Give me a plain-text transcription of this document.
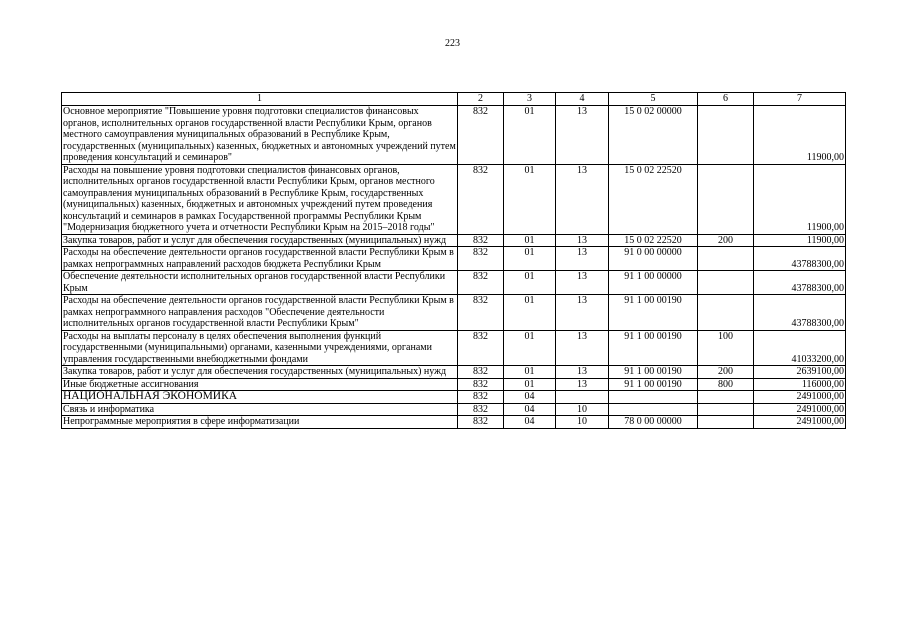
223
1	2	3	4	5	6	7
Основное мероприятие "Повышение уровня подготовки специалистов финансовых органов, исполнительных органов государственной власти Республики Крым, органов местного самоуправления муниципальных образований в Республике Крым, государственных (муниципальных) казенных, бюджетных и автономных учреждений путем проведения консультаций и семинаров"	832	01	13	15 0 02 00000		11900,00
Расходы на повышение уровня подготовки специалистов финансовых органов, исполнительных органов государственной власти Республики Крым, органов местного самоуправления муниципальных образований в Республике Крым, государственных (муниципальных) казенных, бюджетных и автономных учреждений путем проведения консультаций и семинаров в рамках Государственной программы Республики Крым "Модернизация бюджетного учета и отчетности Республики Крым на 2015–2018 годы"	832	01	13	15 0 02 22520		11900,00
Закупка товаров, работ и услуг для обеспечения государственных (муниципальных) нужд	832	01	13	15 0 02 22520	200	11900,00
Расходы на обеспечение деятельности органов государственной власти Республики Крым в рамках непрограммных направлений расходов бюджета Республики Крым	832	01	13	91 0 00 00000		43788300,00
Обеспечение деятельности исполнительных органов государственной власти Республики Крым	832	01	13	91 1 00 00000		43788300,00
Расходы на обеспечение деятельности органов государственной власти Республики Крым в рамках непрограммного направления расходов "Обеспечение деятельности исполнительных органов государственной власти Республики Крым"	832	01	13	91 1 00 00190		43788300,00
Расходы на выплаты персоналу в целях обеспечения выполнения функций государственными (муниципальными) органами, казенными учреждениями, органами управления государственными внебюджетными фондами	832	01	13	91 1 00 00190	100	41033200,00
Закупка товаров, работ и услуг для обеспечения государственных (муниципальных) нужд	832	01	13	91 1 00 00190	200	2639100,00
Иные бюджетные ассигнования	832	01	13	91 1 00 00190	800	116000,00
НАЦИОНАЛЬНАЯ ЭКОНОМИКА	832	04				2491000,00
Связь и информатика	832	04	10			2491000,00
Непрограммные мероприятия в сфере информатизации	832	04	10	78 0 00 00000		2491000,00
